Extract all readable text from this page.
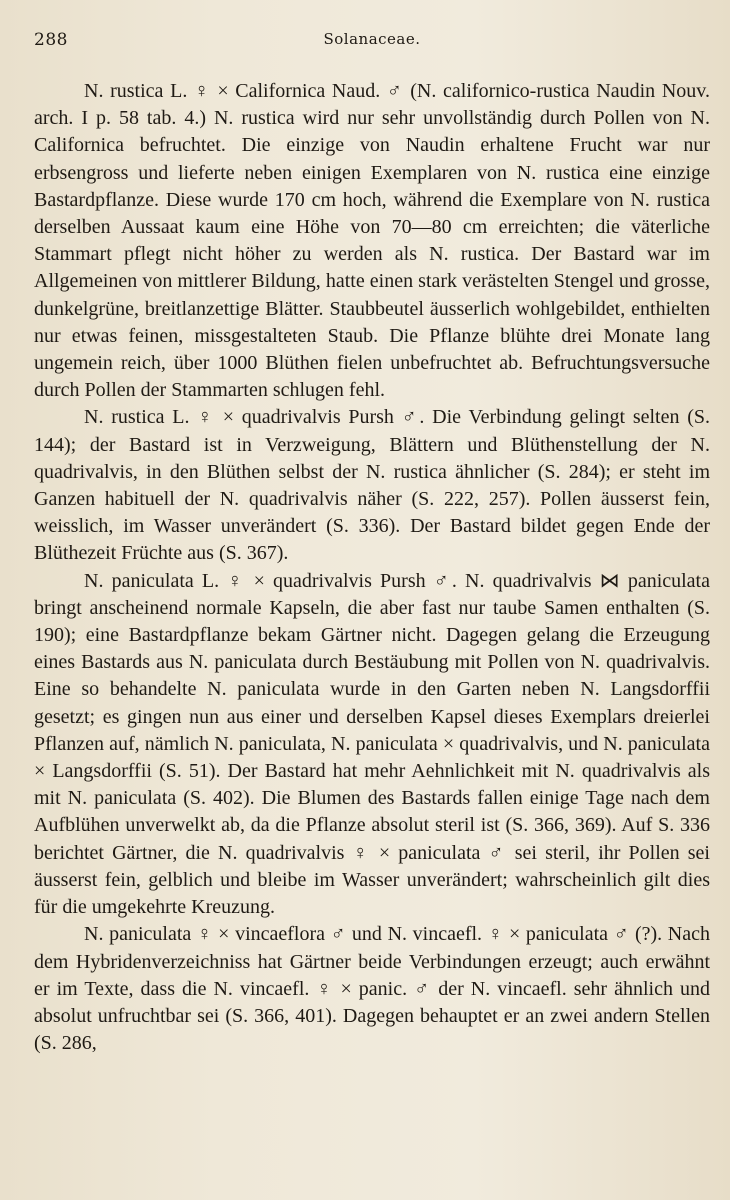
288	Solanaceae.

N. rustica L. ♀ × Californica Naud. ♂ (N. californico-rustica Naudin Nouv. arch. I p. 58 tab. 4.) N. rustica wird nur sehr unvollständig durch Pollen von N. Californica befruchtet. Die einzige von Naudin erhaltene Frucht war nur erbsengross und lieferte neben einigen Exemplaren von N. rustica eine einzige Bastardpflanze. Diese wurde 170 cm hoch, während die Exemplare von N. rustica derselben Aussaat kaum eine Höhe von 70—80 cm erreichten; die väterliche Stammart pflegt nicht höher zu werden als N. rustica. Der Bastard war im Allgemeinen von mittlerer Bildung, hatte einen stark verästelten Stengel und grosse, dunkelgrüne, breitlanzettige Blätter. Staubbeutel äusserlich wohlgebildet, enthielten nur etwas feinen, missgestalteten Staub. Die Pflanze blühte drei Monate lang ungemein reich, über 1000 Blüthen fielen unbefruchtet ab. Befruchtungsversuche durch Pollen der Stammarten schlugen fehl.

N. rustica L. ♀ × quadrivalvis Pursh ♂. Die Verbindung gelingt selten (S. 144); der Bastard ist in Verzweigung, Blättern und Blüthenstellung der N. quadrivalvis, in den Blüthen selbst der N. rustica ähnlicher (S. 284); er steht im Ganzen habituell der N. quadrivalvis näher (S. 222, 257). Pollen äusserst fein, weisslich, im Wasser unverändert (S. 336). Der Bastard bildet gegen Ende der Blüthezeit Früchte aus (S. 367).

N. paniculata L. ♀ × quadrivalvis Pursh ♂. N. quadrivalvis ⋈ paniculata bringt anscheinend normale Kapseln, die aber fast nur taube Samen enthalten (S. 190); eine Bastardpflanze bekam Gärtner nicht. Dagegen gelang die Erzeugung eines Bastards aus N. paniculata durch Bestäubung mit Pollen von N. quadrivalvis. Eine so behandelte N. paniculata wurde in den Garten neben N. Langsdorffii gesetzt; es gingen nun aus einer und derselben Kapsel dieses Exemplars dreierlei Pflanzen auf, nämlich N. paniculata, N. paniculata × quadrivalvis, und N. paniculata × Langsdorffii (S. 51). Der Bastard hat mehr Aehnlichkeit mit N. quadrivalvis als mit N. paniculata (S. 402). Die Blumen des Bastards fallen einige Tage nach dem Aufblühen unverwelkt ab, da die Pflanze absolut steril ist (S. 366, 369). Auf S. 336 berichtet Gärtner, die N. quadrivalvis ♀ × paniculata ♂ sei steril, ihr Pollen sei äusserst fein, gelblich und bleibe im Wasser unverändert; wahrscheinlich gilt dies für die umgekehrte Kreuzung.

N. paniculata ♀ × vincaeflora ♂ und N. vincaefl. ♀ × paniculata ♂ (?). Nach dem Hybridenverzeichniss hat Gärtner beide Verbindungen erzeugt; auch erwähnt er im Texte, dass die N. vincaefl. ♀ × panic. ♂ der N. vincaefl. sehr ähnlich und absolut unfruchtbar sei (S. 366, 401). Dagegen behauptet er an zwei andern Stellen (S. 286,
